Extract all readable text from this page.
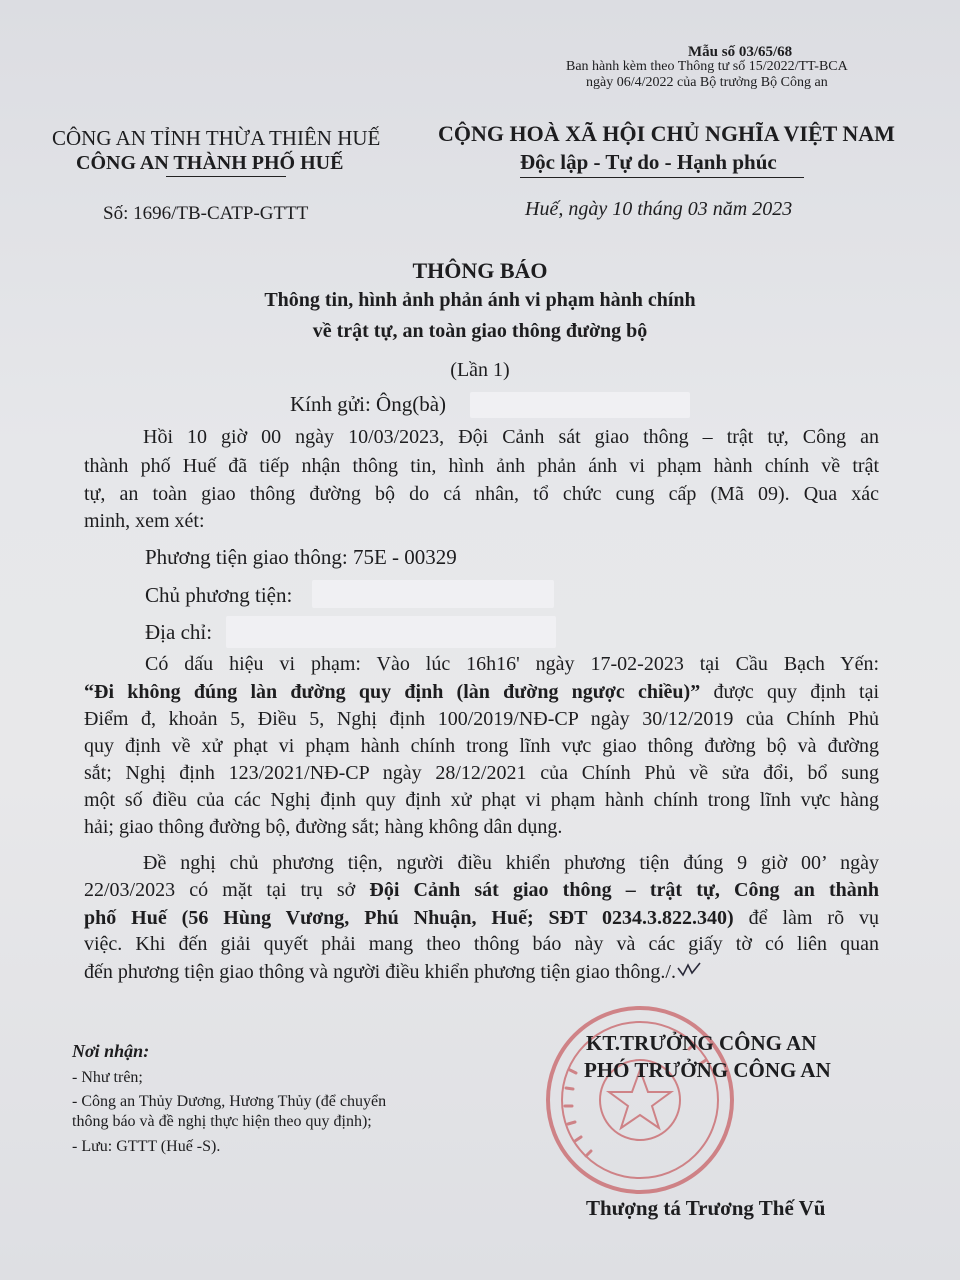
Mẫu số 03/65/68
Ban hành kèm theo Thông tư số 15/2022/TT-BCA
ngày 06/4/2022 của Bộ trưởng Bộ Công an
CÔNG AN TỈNH THỪA THIÊN HUẾ
CÔNG AN THÀNH PHỐ HUẾ
CỘNG HOÀ XÃ HỘI CHỦ NGHĨA VIỆT NAM
Độc lập - Tự do - Hạnh phúc
Số: 1696/TB-CATP-GTTT	Huế, ngày 10 tháng 03 năm 2023
THÔNG BÁO
Thông tin, hình ảnh phản ánh vi phạm hành chính
về trật tự, an toàn giao thông đường bộ
(Lần 1)
Kính gửi: Ông(bà)
Hồi 10 giờ 00 ngày 10/03/2023, Đội Cảnh sát giao thông – trật tự, Công an
thành phố Huế đã tiếp nhận thông tin, hình ảnh phản ánh vi phạm hành chính về trật
tự, an toàn giao thông đường bộ do cá nhân, tổ chức cung cấp (Mã 09). Qua xác
minh, xem xét:
Phương tiện giao thông: 75E - 00329
Chủ phương tiện:
Địa chỉ:
Có dấu hiệu vi phạm: Vào lúc 16h16' ngày 17-02-2023 tại Cầu Bạch Yến:
“Đi không đúng làn đường quy định (làn đường ngược chiều)” được quy định tại
Điểm đ, khoản 5, Điều 5, Nghị định 100/2019/NĐ-CP ngày 30/12/2019 của Chính Phủ
quy định về xử phạt vi phạm hành chính trong lĩnh vực giao thông đường bộ và đường
sắt; Nghị định 123/2021/NĐ-CP ngày 28/12/2021 của Chính Phủ về sửa đổi, bổ sung
một số điều của các Nghị định quy định xử phạt vi phạm hành chính trong lĩnh vực hàng
hải; giao thông đường bộ, đường sắt; hàng không dân dụng.
Đề nghị chủ phương tiện, người điều khiển phương tiện đúng 9 giờ 00’ ngày
22/03/2023 có mặt tại trụ sở Đội Cảnh sát giao thông – trật tự, Công an thành
phố Huế (56 Hùng Vương, Phú Nhuận, Huế; SĐT 0234.3.822.340) để làm rõ vụ
việc. Khi đến giải quyết phải mang theo thông báo này và các giấy tờ có liên quan
đến phương tiện giao thông và người điều khiển phương tiện giao thông./.
Nơi nhận:
- Như trên;
- Công an Thủy Dương, Hương Thủy (để chuyển
thông báo và đề nghị thực hiện theo quy định);
- Lưu: GTTT (Huế -S).
KT.TRƯỞNG CÔNG AN
PHÓ TRƯỞNG CÔNG AN
Thượng tá Trương Thế Vũ
